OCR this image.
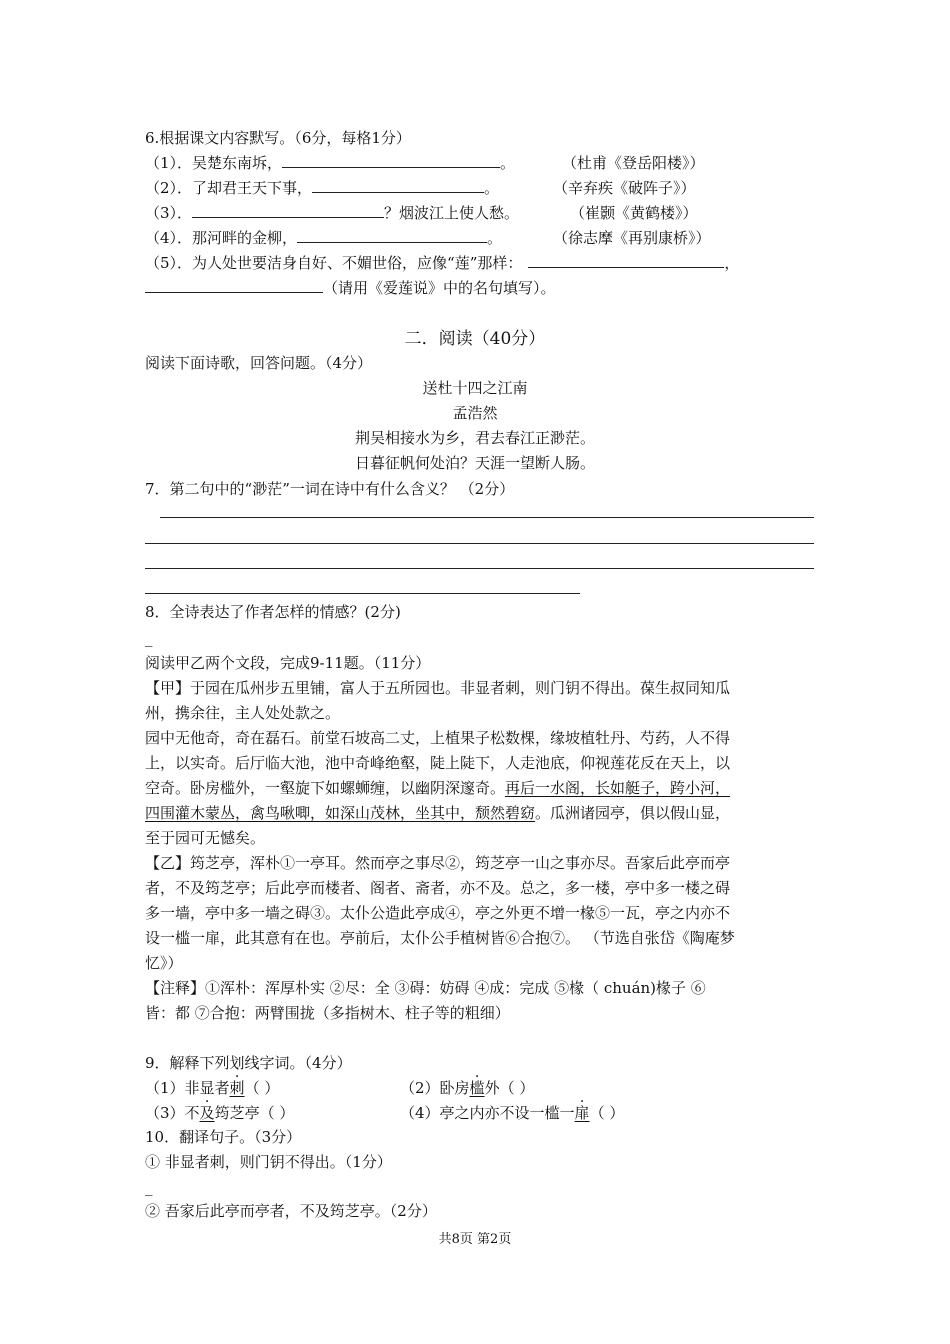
6.根据课文内容默写。（6分，每格1分）
（1）．吴楚东南坼，	。	（杜甫《登岳阳楼》）
（2）．了却君王天下事，	。	（辛弃疾《破阵子》）
（3）．	？烟波江上使人愁。	（崔颢《黄鹤楼》）
（4）．那河畔的金柳，	。	（徐志摩《再别康桥》）
（5）．为人处世要洁身自好、不媚世俗，应像“莲”那样：	，
（请用《爱莲说》中的名句填写）。
二．阅读（40分）
阅读下面诗歌，回答问题。（4分）
送杜十四之江南
孟浩然
荆吴相接水为乡，君去春江正渺茫。
日暮征帆何处泊？天涯一望断人肠。
7．第二句中的“渺茫”一词在诗中有什么含义？ （2分）
8．全诗表达了作者怎样的情感？(2分)
_
阅读甲乙两个文段，完成9-11题。（11分）
【甲】于园在瓜州步五里铺，富人于五所园也。非显者刺，则门钥不得出。葆生叔同知瓜
州，携余往，主人处处款之。
园中无他奇，奇在磊石。前堂石坡高二丈，上植果子松数棵，缘坡植牡丹、芍药，人不得
上，以实奇。后厅临大池，池中奇峰绝壑，陡上陡下，人走池底，仰视莲花反在天上，以
空奇。卧房槛外，一壑旋下如螺蛳缠，以幽阴深邃奇。再后一水阁，长如艇子，跨小河，
四围灌木蒙丛，禽鸟啾唧，如深山茂林，坐其中，颓然碧窈。瓜洲诸园亭，俱以假山显，
至于园可无憾矣。
【乙】筠芝亭，浑朴①一亭耳。然而亭之事尽②，筠芝亭一山之事亦尽。吾家后此亭而亭
者，不及筠芝亭；后此亭而楼者、阁者、斋者，亦不及。总之，多一楼，亭中多一楼之碍
多一墙，亭中多一墙之碍③。太仆公造此亭成④，亭之外更不增一椽⑤一瓦，亭之内亦不
设一槛一扉，此其意有在也。亭前后，太仆公手植树皆⑥合抱⑦。 （节选自张岱《陶庵梦
忆》）
【注释】①浑朴：浑厚朴实 ②尽：全 ③碍：妨碍 ④成：完成 ⑤椽（ chuán)椽子 ⑥
皆：都 ⑦合抱：两臂围拢（多指树木、柱子等的粗细）
9．解释下列划线字词。（4分）
（1）非显者刺（ ）	（2）卧房槛外（ ）
（3）不及筠芝亭（ ）	（4）亭之内亦不设一槛一扉（ ）
10．翻译句子。（3分）
① 非显者刺，则门钥不得出。（1分）
_
② 吾家后此亭而亭者，不及筠芝亭。（2分）
共8页 第2页
